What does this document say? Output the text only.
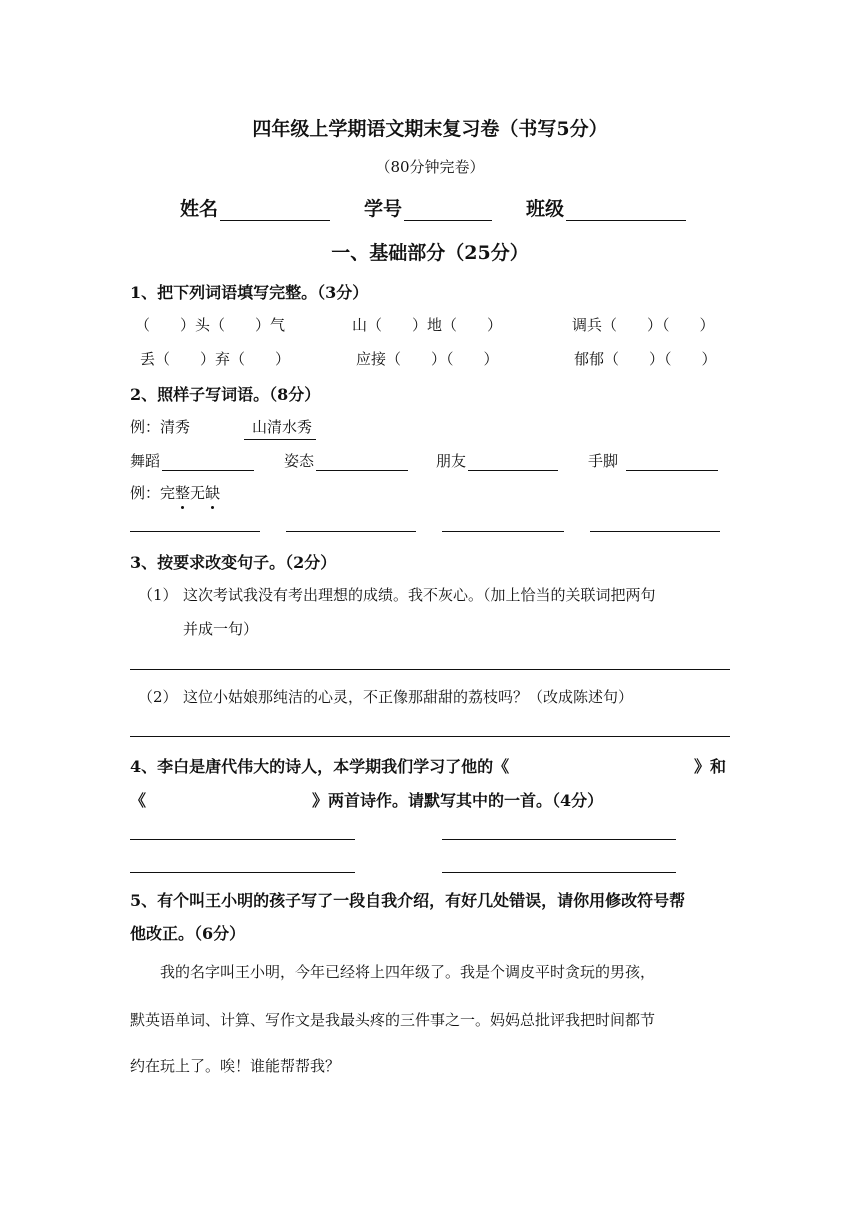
四年级上学期语文期末复习卷（书写5分）
（80分钟完卷）
姓名	学号	班级
一、基础部分（25分）
1、把下列词语填写完整。（3分）
（　　）头（　　）气	山（　　）地（　　）	调兵（　　）（　　）
丢（　　）弃（　　）	应接（　　）（　　）	郁郁（　　）（　　）
2、照样子写词语。（8分）
例：清秀	山清水秀
舞蹈	姿态	朋友	手脚
例：完整无缺
3、按要求改变句子。（2分）
（1） 这次考试我没有考出理想的成绩。我不灰心。（加上恰当的关联词把两句
并成一句）
（2） 这位小姑娘那纯洁的心灵，不正像那甜甜的荔枝吗？（改成陈述句）
4、李白是唐代伟大的诗人，本学期我们学习了他的《	》和
《	》两首诗作。请默写其中的一首。（4分）
5、有个叫王小明的孩子写了一段自我介绍，有好几处错误，请你用修改符号帮
他改正。（6分）
我的名字叫王小明，今年已经将上四年级了。我是个调皮平时贪玩的男孩，
默英语单词、计算、写作文是我最头疼的三件事之一。妈妈总批评我把时间都节
约在玩上了。唉！谁能帮帮我？
